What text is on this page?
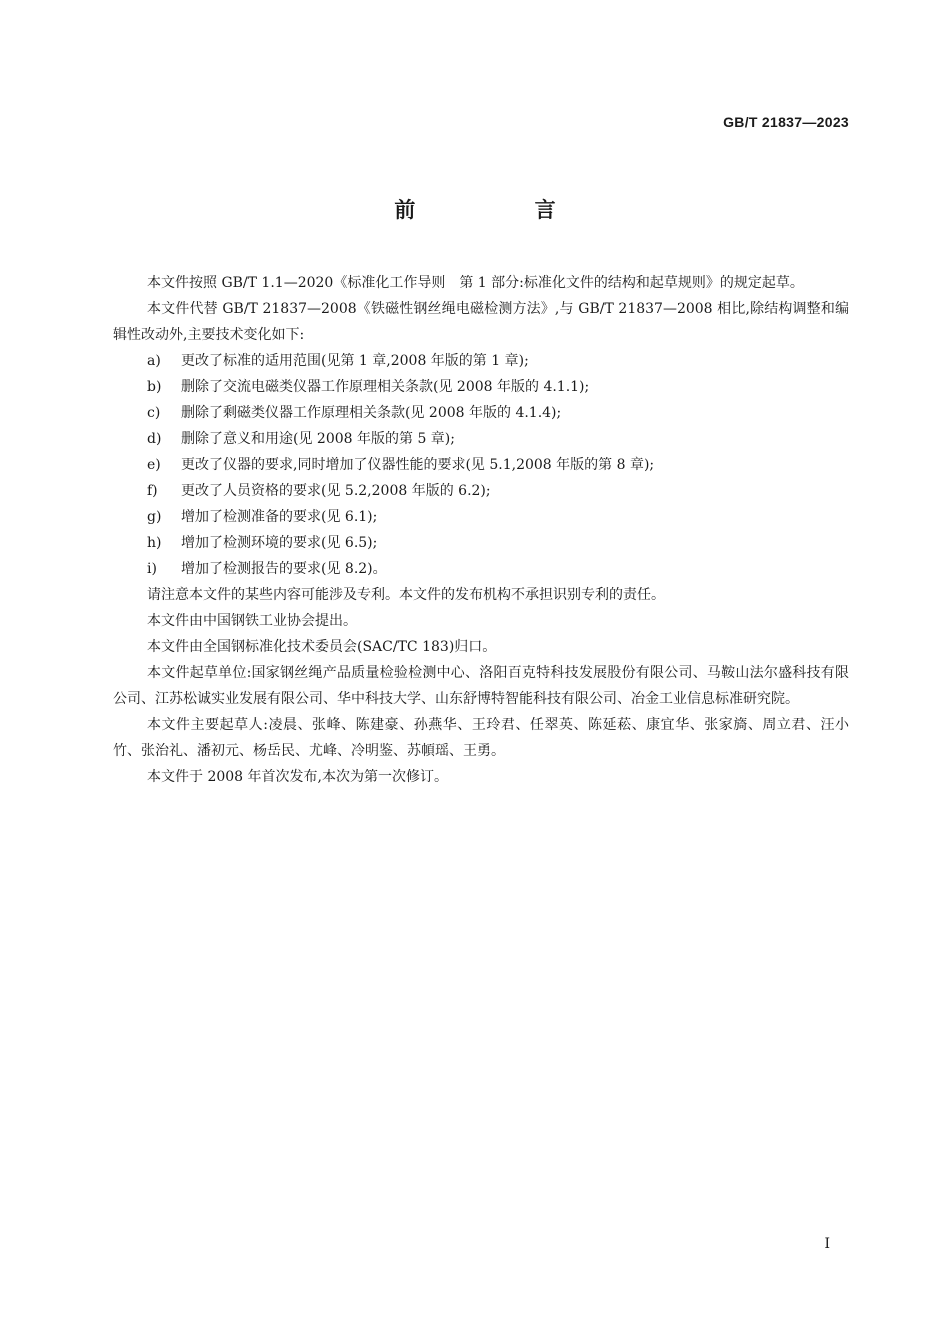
GB/T 21837—2023
前 言

本文件按照 GB/T 1.1—2020《标准化工作导则　第 1 部分:标准化文件的结构和起草规则》的规定起草。

本文件代替 GB/T 21837—2008《铁磁性钢丝绳电磁检测方法》,与 GB/T 21837—2008 相比,除结构调整和编辑性改动外,主要技术变化如下:

a)	更改了标准的适用范围(见第 1 章,2008 年版的第 1 章);
b)	删除了交流电磁类仪器工作原理相关条款(见 2008 年版的 4.1.1);
c)	删除了剩磁类仪器工作原理相关条款(见 2008 年版的 4.1.4);
d)	删除了意义和用途(见 2008 年版的第 5 章);
e)	更改了仪器的要求,同时增加了仪器性能的要求(见 5.1,2008 年版的第 8 章);
f)	更改了人员资格的要求(见 5.2,2008 年版的 6.2);
g)	增加了检测准备的要求(见 6.1);
h)	增加了检测环境的要求(见 6.5);
i)	增加了检测报告的要求(见 8.2)。

请注意本文件的某些内容可能涉及专利。本文件的发布机构不承担识别专利的责任。

本文件由中国钢铁工业协会提出。

本文件由全国钢标准化技术委员会(SAC/TC 183)归口。

本文件起草单位:国家钢丝绳产品质量检验检测中心、洛阳百克特科技发展股份有限公司、马鞍山法尔盛科技有限公司、江苏松诚实业发展有限公司、华中科技大学、山东舒博特智能科技有限公司、冶金工业信息标准研究院。

本文件主要起草人:凌晨、张峰、陈建豪、孙燕华、王玲君、任翠英、陈延菘、康宜华、张家旖、周立君、汪小竹、张治礼、潘初元、杨岳民、尤峰、冷明鉴、苏幁瑶、王勇。

本文件于 2008 年首次发布,本次为第一次修订。

I
